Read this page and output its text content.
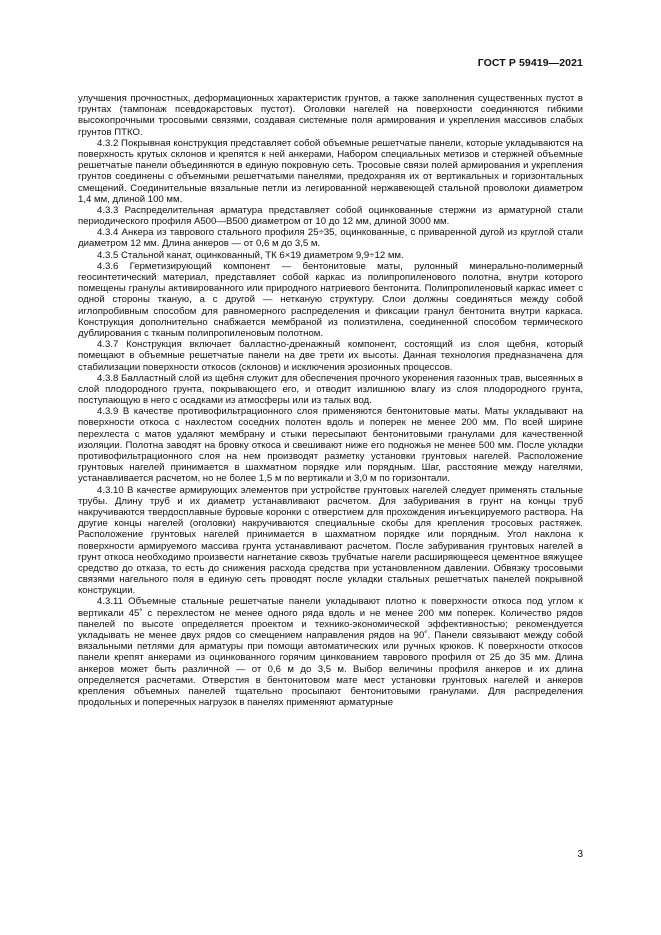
ГОСТ Р 59419—2021

улучшения прочностных, деформационных характеристик грунтов, а также заполнения существенных пустот в грунтах (тампонаж псевдокарстовых пустот). Оголовки нагелей на поверхности соединяются гибкими высокопрочными тросовыми связями, создавая системные поля армирования и укрепления массивов слабых грунтов ПТКО.

4.3.2 Покрывная конструкция представляет собой объемные решетчатые панели, которые укладываются на поверхность крутых склонов и крепятся к ней анкерами, Набором специальных метизов и стержней объемные решетчатые панели объединяются в единую покровную сеть. Тросовые связи полей армирования и укрепления грунтов соединены с объемными решетчатыми панелями, предохраняя их от вертикальных и горизонтальных смещений. Соединительные вязальные петли из легированной нержавеющей стальной проволоки диаметром 1,4 мм, длиной 100 мм.

4.3.3 Распределительная арматура представляет собой оцинкованные стержни из арматурной стали периодического профиля А500—В500 диаметром от 10 до 12 мм, длиной 3000 мм.

4.3.4 Анкера из таврового стального профиля 25÷35, оцинкованные, с приваренной дугой из круглой стали диаметром 12 мм. Длина анкеров — от 0,6 м до 3,5 м.

4.3.5 Стальной канат, оцинкованный, ТК 6×19 диаметром 9,9÷12 мм.

4.3.6 Герметизирующий компонент — бентонитовые маты, рулонный минерально-полимерный геосинтетический материал, представляет собой каркас из полипропиленового полотна, внутри которого помещены гранулы активированного или природного натриевого бентонита. Полипропиленовый каркас имеет с одной стороны тканую, а с другой — нетканую структуру. Слои должны соединяться между собой иглопробивным способом для равномерного распределения и фиксации гранул бентонита внутри каркаса. Конструкция дополнительно снабжается мембраной из полиэтилена, соединенной способом термического дублирования с тканым полипропиленовым полотном.

4.3.7 Конструкция включает балластно-дренажный компонент, состоящий из слоя щебня, который помещают в объемные решетчатые панели на две трети их высоты. Данная технология предназначена для стабилизации поверхности откосов (склонов) и исключения эрозионных процессов.

4.3.8 Балластный слой из щебня служит для обеспечения прочного укоренения газонных трав, высеянных в слой плодородного грунта, покрывающего его, и отводит излишнюю влагу из слоя плодородного грунта, поступающую в него с осадками из атмосферы или из талых вод.

4.3.9 В качестве противофильтрационного слоя применяются бентонитовые маты. Маты укладывают на поверхности откоса с нахлестом соседних полотен вдоль и поперек не менее 200 мм. По всей ширине перехлеста с матов удаляют мембрану и стыки пересыпают бентонитовыми гранулами для качественной изоляции. Полотна заводят на бровку откоса и свешивают ниже его подножья не менее 500 мм. После укладки противофильтрационного слоя на нем производят разметку установки грунтовых нагелей. Расположение грунтовых нагелей принимается в шахматном порядке или порядным. Шаг, расстояние между нагелями, устанавливается расчетом, но не более 1,5 м по вертикали и 3,0 м по горизонтали.

4.3.10 В качестве армирующих элементов при устройстве грунтовых нагелей следует применять стальные трубы. Длину труб и их диаметр устанавливают расчетом. Для забуривания в грунт на концы труб накручиваются твердосплавные буровые коронки с отверстием для прохождения инъекцируемого раствора. На другие концы нагелей (оголовки) накручиваются специальные скобы для крепления тросовых растяжек. Расположение грунтовых нагелей принимается в шахматном порядке или порядным. Угол наклона к поверхности армируемого массива грунта устанавливают расчетом. После забуривания грунтовых нагелей в грунт откоса необходимо произвести нагнетание сквозь трубчатые нагели расширяющееся цементное вяжущее средство до отказа, то есть до снижения расхода средства при установленном давлении. Обвязку тросовыми связями нагельного поля в единую сеть проводят после укладки стальных решетчатых панелей покрывной конструкции.

4.3.11 Объемные стальные решетчатые панели укладывают плотно к поверхности откоса под углом к вертикали 45˚ с перехлестом не менее одного ряда вдоль и не менее 200 мм поперек. Количество рядов панелей по высоте определяется проектом и технико-экономической эффективностью; рекомендуется укладывать не менее двух рядов со смещением направления рядов на 90˚. Панели связывают между собой вязальными петлями для арматуры при помощи автоматических или ручных крюков. К поверхности откосов панели крепят анкерами из оцинкованного горячим цинкованием таврового профиля от 25 до 35 мм. Длина анкеров может быть различной — от 0,6 м до 3,5 м. Выбор величины профиля анкеров и их длина определяется расчетами. Отверстия в бентонитовом мате мест установки грунтовых нагелей и анкеров крепления объемных панелей тщательно просыпают бентонитовыми гранулами. Для распределения продольных и поперечных нагрузок в панелях применяют арматурные

3
